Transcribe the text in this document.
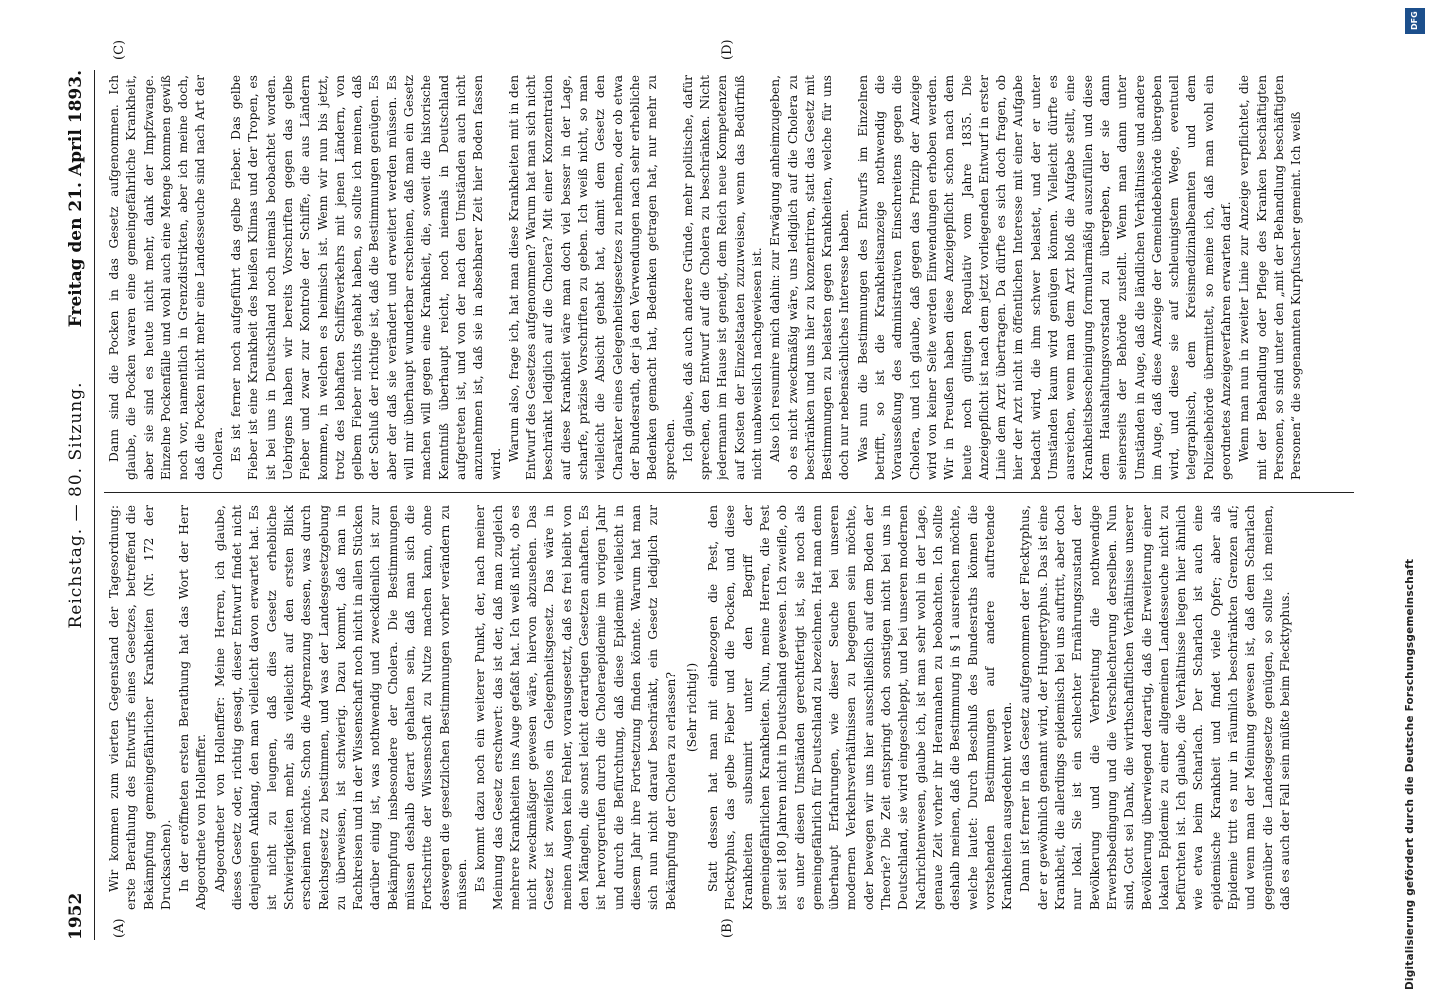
1952
Reichstag. — 80. Sitzung.
Freitag den 21. April 1893.
(A)	(B)
(C)	(D)

Wir kommen zum vierten Gegenstand der Tagesordnung: erste Berathung des Entwurfs eines Gesetzes, betreffend die Bekämpfung gemeingefährlicher Krankheiten (Nr. 172 der Drucksachen). In der eröffneten ersten Berathung hat das Wort der Herr Abgeordnete von Hollenffer. Abgeordneter von Hollenffer: Meine Herren, ich glaube, dieses Gesetz oder, richtig gesagt, dieser Entwurf findet nicht denjenigen Anklang, den man vielleicht davon erwartet hat. Es ist nicht zu leugnen, daß dies Gesetz erhebliche Schwierigkeiten mehr, als vielleicht auf den ersten Blick erscheinen möchte. Schon die Abgrenzung dessen, was durch Reichsgesetz zu bestimmen, und was der Landesgesetzgebung zu überweisen, ist schwierig. Dazu kommt, daß man in Fachkreisen und in der Wissenschaft noch nicht in allen Stücken darüber einig ist, was nothwendig und zweckdienlich ist zur Bekämpfung insbesondere der Cholera. Die Bestimmungen müssen deshalb derart gehalten sein, daß man sich die Fortschritte der Wissenschaft zu Nutze machen kann, ohne deswegen die gesetzlichen Bestimmungen vorher verändern zu müssen. Es kommt dazu noch ein weiterer Punkt, der, nach meiner Meinung das Gesetz erschwert: das ist der, daß man zugleich mehrere Krankheiten ins Auge gefaßt hat. Ich weiß nicht, ob es nicht zweckmäßiger gewesen wäre, hiervon abzusehen. Das Gesetz ist zweifellos ein Gelegenheitsgesetz. Das wäre in meinen Augen kein Fehler, vorausgesetzt, daß es frei bleibt von den Mängeln, die sonst leicht derartigen Gesetzen anhaften. Es ist hervorgerufen durch die Choleraepidemie im vorigen Jahr und durch die Befürchtung, daß diese Epidemie vielleicht in diesem Jahr ihre Fortsetzung finden könnte. Warum hat man sich nun nicht darauf beschränkt, ein Gesetz lediglich zur Bekämpfung der Cholera zu erlassen? (Sehr richtig!) Statt dessen hat man mit einbezogen die Pest, den Flecktyphus, das gelbe Fieber und die Pocken, und diese Krankheiten subsumirt unter den Begriff der gemeingefährlichen Krankheiten. Nun, meine Herren, die Pest ist seit 180 Jahren nicht in Deutschland gewesen. Ich zweifle, ob es unter diesen Umständen gerechtfertigt ist, sie noch als gemeingefährlich für Deutschland zu bezeichnen. Hat man denn überhaupt Erfahrungen, wie dieser Seuche bei unseren modernen Verkehrsverhältnissen zu begegnen sein möchte, oder bewegen wir uns hier ausschließlich auf dem Boden der Theorie? Die Zeit entspringt doch sonstigen nicht bei uns in Deutschland, sie wird eingeschleppt, und bei unseren modernen Nachrichtenwesen, glaube ich, ist man sehr wohl in der Lage, genaue Zeit vorher ihr Herannahen zu beobachten. Ich sollte deshalb meinen, daß die Bestimmung in § 1 ausreichen möchte, welche lautet: Durch Beschluß des Bundesraths können die vorstehenden Bestimmungen auf andere auftretende Krankheiten ausgedehnt werden. Dann ist ferner in das Gesetz aufgenommen der Flecktyphus, der er gewöhnlich genannt wird, der Hungertyphus. Das ist eine Krankheit, die allerdings epidemisch bei uns auftritt, aber doch nur lokal. Sie ist ein schlechter Ernährungszustand der Bevölkerung und die Verbreitung die nothwendige Erwerbsbedingung und die Verschlechterung derselben. Nun sind, Gott sei Dank, die wirthschaftlichen Verhältnisse unserer Bevölkerung überwiegend derartig, daß die Erweiterung einer lokalen Epidemie zu einer allgemeinen Landesseuche nicht zu befürchten ist. Ich glaube, die Verhältnisse liegen hier ähnlich wie etwa beim Scharlach. Der Scharlach ist auch eine epidemische Krankheit und findet viele Opfer; aber als Epidemie tritt es nur in räumlich beschränkten Grenzen auf; und wenn man der Meinung gewesen ist, daß dem Scharlach gegenüber die Landesgesetze genügen, so sollte ich meinen, daß es auch der Fall sein müßte beim Flecktyphus.

Dann sind die Pocken in das Gesetz aufgenommen. Ich glaube, die Pocken waren eine gemeingefährliche Krankheit, aber sie sind es heute nicht mehr, dank der Impfzwange. Einzelne Pockenfälle und wohl auch eine Menge kommen gewiß noch vor, namentlich in Grenzdistrikten, aber ich meine doch, daß die Pocken nicht mehr eine Landesseuche sind nach Art der Cholera. Es ist ferner noch aufgeführt das gelbe Fieber. Das gelbe Fieber ist eine Krankheit des heißen Klimas und der Tropen, es ist bei uns in Deutschland noch niemals beobachtet worden. Uebrigens haben wir bereits Vorschriften gegen das gelbe Fieber und zwar zur Kontrole der Schiffe, die aus Ländern kommen, in welchen es heimisch ist. Wenn wir nun bis jetzt, trotz des lebhaften Schiffsverkehrs mit jenen Ländern, von gelbem Fieber nichts gehabt haben, so sollte ich meinen, daß der Schluß der richtige ist, daß die Bestimmungen genügen. Es aber der daß sie verändert und erweitert werden müssen. Es will mir überhaupt wunderbar erscheinen, daß man ein Gesetz machen will gegen eine Krankheit, die, soweit die historische Kenntniß überhaupt reicht, noch niemals in Deutschland aufgetreten ist, und von der nach den Umständen auch nicht anzunehmen ist, daß sie in absehbarer Zeit hier Boden fassen wird.

Warum also, frage ich, hat man diese Krankheiten mit in den Entwurf des Gesetzes aufgenommen? Warum hat man sich nicht beschränkt lediglich auf die Cholera? Mit einer Konzentration auf diese Krankheit wäre man doch viel besser in der Lage, scharfe, präzise Vorschriften zu geben. Ich weiß nicht, so man vielleicht die Absicht gehabt hat, damit dem Gesetz den Charakter eines Gelegenheitsgesetzes zu nehmen, oder ob etwa der Bundesrath, der ja den Verwendungen nach sehr erhebliche Bedenken gemacht hat, Bedenken getragen hat, nur mehr zu sprechen. Ich glaube, daß auch andere Gründe, mehr politische, dafür sprechen, den Entwurf auf die Cholera zu beschränken. Nicht jedermann im Hause ist geneigt, dem Reich neue Kompetenzen auf Kosten der Einzelstaaten zuzuweisen, wenn das Bedürfniß nicht unabweislich nachgewiesen ist. Also ich resumire mich dahin: zur Erwägung anheimzugeben, ob es nicht zweckmäßig wäre, uns lediglich auf die Cholera zu beschränken und uns hier zu konzentriren, statt das Gesetz mit Bestimmungen zu belasten gegen Krankheiten, welche für uns doch nur nebensächliches Interesse haben. Was nun die Bestimmungen des Entwurfs im Einzelnen betrifft, so ist die Krankheitsanzeige nothwendig die Vorausseßung des administrativen Einschreitens gegen die Cholera, und ich glaube, daß gegen das Prinzip der Anzeige wird von keiner Seite werden Einwendungen erhoben werden. Wir in Preußen haben diese Anzeigepflicht schon nach dem heute noch gültigen Regulativ vom Jahre 1835. Die Anzeigepflicht ist nach dem jetzt vorliegenden Entwurf in erster Linie dem Arzt übertragen. Da dürfte es sich doch fragen, ob hier der Arzt nicht im öffentlichen Interesse mit einer Aufgabe bedacht wird, die ihm schwer belastet, und der er unter Umständen kaum wird genügen können. Vielleicht dürfte es ausreichen, wenn man dem Arzt bloß die Aufgabe stellt, eine Krankheitsbescheinigung formularmäßig auszufüllen und diese dem Haushaltungsvorstand zu übergeben, der sie dann seinerseits der Behörde zustellt. Wenn man dann unter Umständen in Auge, daß die ländlichen Verhältnisse und andere im Auge, daß diese Anzeige der Gemeindebehörde übergeben wird, und diese sie auf schleunigstem Wege, eventuell telegraphisch, dem Kreismedizinalbeamten und dem Polizeibehörde übermittelt, so meine ich, daß man wohl ein geordnetes Anzeigeverfahren erwarten darf. Wenn man nun in zweiter Linie zur Anzeige verpflichtet, die mit der Behandlung oder Pflege des Kranken beschäftigten Personen, so sind unter den „mit der Behandlung beschäftigten Personen“ die sogenannten Kurpfuscher gemeint. Ich weiß

DFG
Digitalisierung gefördert durch die Deutsche Forschungsgemeinschaft
